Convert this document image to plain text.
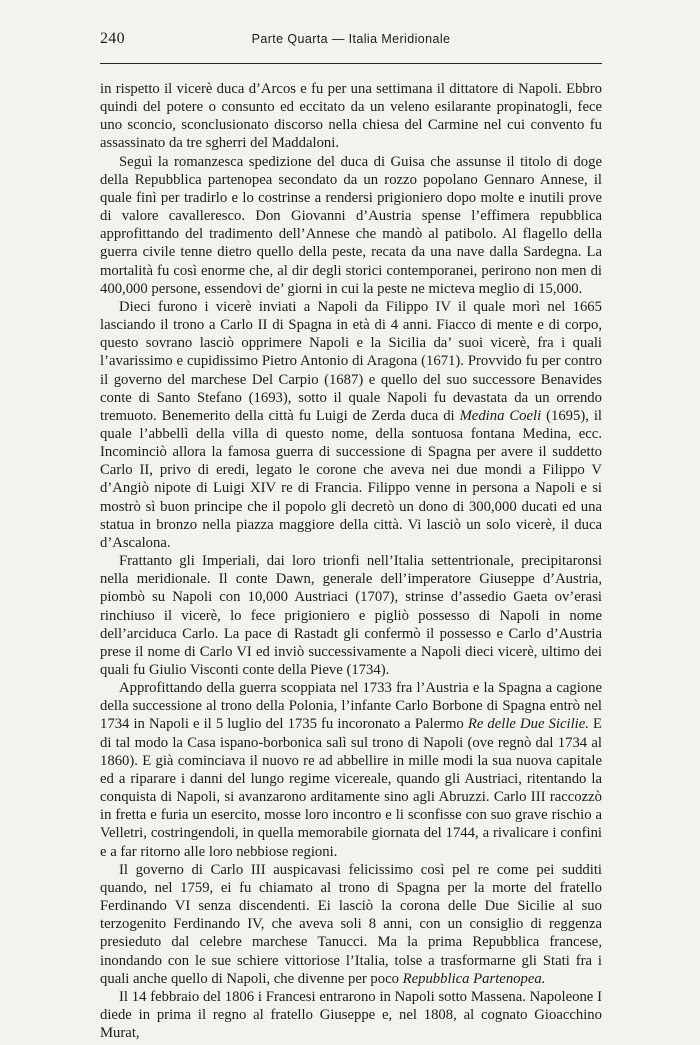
240	Parte Quarta — Italia Meridionale

in rispetto il vicerè duca d’Arcos e fu per una settimana il dittatore di Napoli. Ebbro quindi del potere o consunto ed eccitato da un veleno esilarante propinatogli, fece uno sconcio, sconclusionato discorso nella chiesa del Carmine nel cui convento fu assassinato da tre sgherri del Maddaloni.

Seguì la romanzesca spedizione del duca di Guisa che assunse il titolo di doge della Repubblica partenopea secondato da un rozzo popolano Gennaro Annese, il quale finì per tradirlo e lo costrinse a rendersi prigioniero dopo molte e inutili prove di valore cavalleresco. Don Giovanni d’Austria spense l’effimera repubblica approfittando del tradimento dell’Annese che mandò al patibolo. Al flagello della guerra civile tenne dietro quello della peste, recata da una nave dalla Sardegna. La mortalità fu così enorme che, al dir degli storici contemporanei, perirono non men di 400,000 persone, essendovi de’ giorni in cui la peste ne micteva meglio di 15,000.

Dieci furono i vicerè inviati a Napoli da Filippo IV il quale morì nel 1665 lasciando il trono a Carlo II di Spagna in età di 4 anni. Fiacco di mente e di corpo, questo sovrano lasciò opprimere Napoli e la Sicilia da’ suoi vicerè, fra i quali l’avarissimo e cupidissimo Pietro Antonio di Aragona (1671). Provvido fu per contro il governo del marchese Del Carpio (1687) e quello del suo successore Benavides conte di Santo Stefano (1693), sotto il quale Napoli fu devastata da un orrendo tremuoto. Benemerito della città fu Luigi de Zerda duca di Medina Coeli (1695), il quale l’abbellì della villa di questo nome, della sontuosa fontana Medina, ecc. Incominciò allora la famosa guerra di successione di Spagna per avere il suddetto Carlo II, privo di eredi, legato le corone che aveva nei due mondi a Filippo V d’Angiò nipote di Luigi XIV re di Francia. Filippo venne in persona a Napoli e si mostrò sì buon principe che il popolo gli decretò un dono di 300,000 ducati ed una statua in bronzo nella piazza maggiore della città. Vi lasciò un solo vicerè, il duca d’Ascalona.

Frattanto gli Imperiali, dai loro trionfi nell’Italia settentrionale, precipitaronsi nella meridionale. Il conte Dawn, generale dell’imperatore Giuseppe d’Austria, piombò su Napoli con 10,000 Austriaci (1707), strinse d’assedio Gaeta ov’erasi rinchiuso il vicerè, lo fece prigioniero e pigliò possesso di Napoli in nome dell’arciduca Carlo. La pace di Rastadt gli confermò il possesso e Carlo d’Austria prese il nome di Carlo VI ed inviò successivamente a Napoli dieci vicerè, ultimo dei quali fu Giulio Visconti conte della Pieve (1734).

Approfittando della guerra scoppiata nel 1733 fra l’Austria e la Spagna a cagione della successione al trono della Polonia, l’infante Carlo Borbone di Spagna entrò nel 1734 in Napoli e il 5 luglio del 1735 fu incoronato a Palermo Re delle Due Sicilie. E di tal modo la Casa ispano-borbonica salì sul trono di Napoli (ove regnò dal 1734 al 1860). E già cominciava il nuovo re ad abbellire in mille modi la sua nuova capitale ed a riparare i danni del lungo regime vicereale, quando gli Austriaci, ritentando la conquista di Napoli, si avanzarono arditamente sino agli Abruzzi. Carlo III raccozzò in fretta e furia un esercito, mosse loro incontro e li sconfisse con suo grave rischio a Velletri, costringendoli, in quella memorabile giornata del 1744, a rivalicare i confini e a far ritorno alle loro nebbiose regioni.

Il governo di Carlo III auspicavasi felicissimo così pel re come pei sudditi quando, nel 1759, ei fu chiamato al trono di Spagna per la morte del fratello Ferdinando VI senza discendenti. Ei lasciò la corona delle Due Sicilie al suo terzogenito Ferdinando IV, che aveva soli 8 anni, con un consiglio di reggenza presieduto dal celebre marchese Tanucci. Ma la prima Repubblica francese, inondando con le sue schiere vittoriose l’Italia, tolse a trasformarne gli Stati fra i quali anche quello di Napoli, che divenne per poco Repubblica Partenopea.

Il 14 febbraio del 1806 i Francesi entrarono in Napoli sotto Massena. Napoleone I diede in prima il regno al fratello Giuseppe e, nel 1808, al cognato Gioacchino Murat,
